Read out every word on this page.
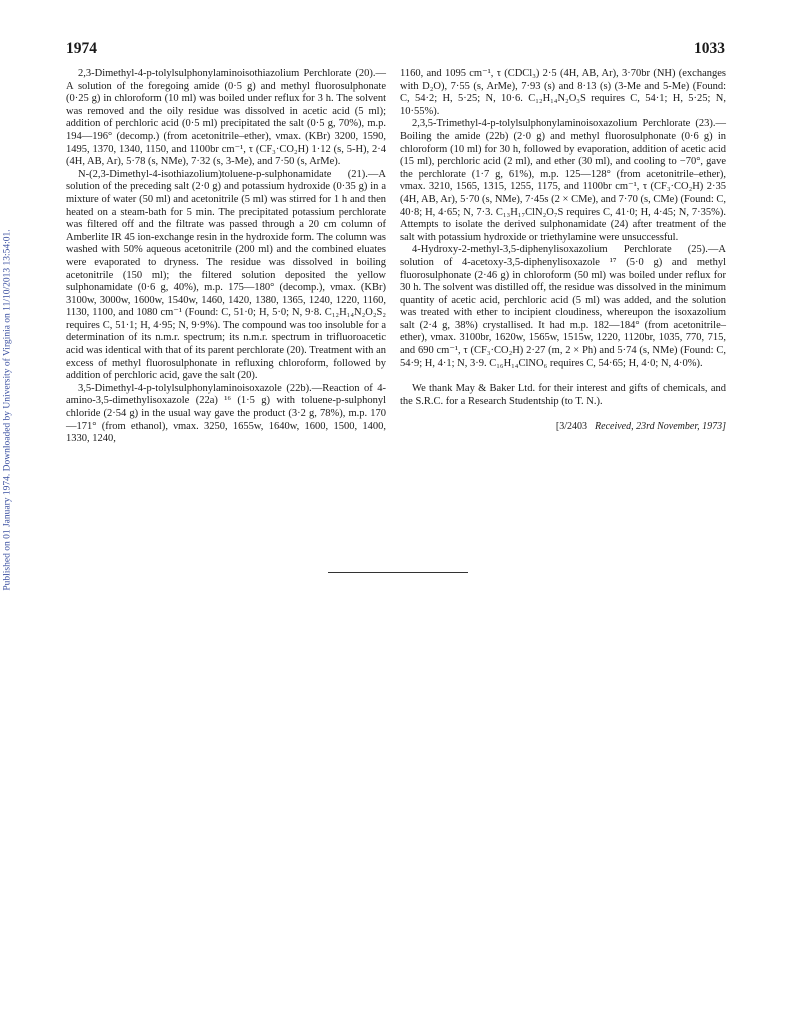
Published on 01 January 1974. Downloaded by University of Virginia on 11/10/2013 13:54:01.
1974	1033

2,3-Dimethyl-4-p-tolylsulphonylaminoisothiazolium Perchlorate (20).—A solution of the foregoing amide (0·5 g) and methyl fluorosulphonate (0·25 g) in chloroform (10 ml) was boiled under reflux for 3 h. The solvent was removed and the oily residue was dissolved in acetic acid (5 ml); addition of perchloric acid (0·5 ml) precipitated the salt (0·5 g, 70%), m.p. 194—196° (decomp.) (from acetonitrile–ether), νmax. (KBr) 3200, 1590, 1495, 1370, 1340, 1150, and 1100br cm⁻¹, τ (CF₃·CO₂H) 1·12 (s, 5-H), 2·4 (4H, AB, Ar), 5·78 (s, NMe), 7·32 (s, 3-Me), and 7·50 (s, ArMe).

N-(2,3-Dimethyl-4-isothiazolium)toluene-p-sulphonamidate (21).—A solution of the preceding salt (2·0 g) and potassium hydroxide (0·35 g) in a mixture of water (50 ml) and acetonitrile (5 ml) was stirred for 1 h and then heated on a steam-bath for 5 min. The precipitated potassium perchlorate was filtered off and the filtrate was passed through a 20 cm column of Amberlite IR 45 ion-exchange resin in the hydroxide form. The column was washed with 50% aqueous acetonitrile (200 ml) and the combined eluates were evaporated to dryness. The residue was dissolved in boiling acetonitrile (150 ml); the filtered solution deposited the yellow sulphonamidate (0·6 g, 40%), m.p. 175—180° (decomp.), νmax. (KBr) 3100w, 3000w, 1600w, 1540w, 1460, 1420, 1380, 1365, 1240, 1220, 1160, 1130, 1100, and 1080 cm⁻¹ (Found: C, 51·0; H, 5·0; N, 9·8. C₁₂H₁₄N₂O₂S₂ requires C, 51·1; H, 4·95; N, 9·9%). The compound was too insoluble for a determination of its n.m.r. spectrum; its n.m.r. spectrum in trifluoroacetic acid was identical with that of its parent perchlorate (20). Treatment with an excess of methyl fluorosulphonate in refluxing chloroform, followed by addition of perchloric acid, gave the salt (20).

3,5-Dimethyl-4-p-tolylsulphonylaminoisoxazole (22b).—Reaction of 4-amino-3,5-dimethylisoxazole (22a) ¹⁶ (1·5 g) with toluene-p-sulphonyl chloride (2·54 g) in the usual way gave the product (3·2 g, 78%), m.p. 170—171° (from ethanol), νmax. 3250, 1655w, 1640w, 1600, 1500, 1400, 1330, 1240,

1160, and 1095 cm⁻¹, τ (CDCl₃) 2·5 (4H, AB, Ar), 3·70br (NH) (exchanges with D₂O), 7·55 (s, ArMe), 7·93 (s) and 8·13 (s) (3-Me and 5-Me) (Found: C, 54·2; H, 5·25; N, 10·6. C₁₂H₁₄N₂O₃S requires C, 54·1; H, 5·25; N, 10·55%).

2,3,5-Trimethyl-4-p-tolylsulphonylaminoisoxazolium Perchlorate (23).—Boiling the amide (22b) (2·0 g) and methyl fluorosulphonate (0·6 g) in chloroform (10 ml) for 30 h, followed by evaporation, addition of acetic acid (15 ml), perchloric acid (2 ml), and ether (30 ml), and cooling to −70°, gave the perchlorate (1·7 g, 61%), m.p. 125—128° (from acetonitrile–ether), νmax. 3210, 1565, 1315, 1255, 1175, and 1100br cm⁻¹, τ (CF₃·CO₂H) 2·35 (4H, AB, Ar), 5·70 (s, NMe), 7·45s (2 × CMe), and 7·70 (s, CMe) (Found: C, 40·8; H, 4·65; N, 7·3. C₁₃H₁₇ClN₂O₇S requires C, 41·0; H, 4·45; N, 7·35%). Attempts to isolate the derived sulphonamidate (24) after treatment of the salt with potassium hydroxide or triethylamine were unsuccessful.

4-Hydroxy-2-methyl-3,5-diphenylisoxazolium Perchlorate (25).—A solution of 4-acetoxy-3,5-diphenylisoxazole ¹⁷ (5·0 g) and methyl fluorosulphonate (2·46 g) in chloroform (50 ml) was boiled under reflux for 30 h. The solvent was distilled off, the residue was dissolved in the minimum quantity of acetic acid, perchloric acid (5 ml) was added, and the solution was treated with ether to incipient cloudiness, whereupon the isoxazolium salt (2·4 g, 38%) crystallised. It had m.p. 182—184° (from acetonitrile–ether), νmax. 3100br, 1620w, 1565w, 1515w, 1220, 1120br, 1035, 770, 715, and 690 cm⁻¹, τ (CF₃·CO₂H) 2·27 (m, 2 × Ph) and 5·74 (s, NMe) (Found: C, 54·9; H, 4·1; N, 3·9. C₁₆H₁₄ClNO₆ requires C, 54·65; H, 4·0; N, 4·0%).

We thank May & Baker Ltd. for their interest and gifts of chemicals, and the S.R.C. for a Research Studentship (to T. N.).

[3/2403 Received, 23rd November, 1973]
